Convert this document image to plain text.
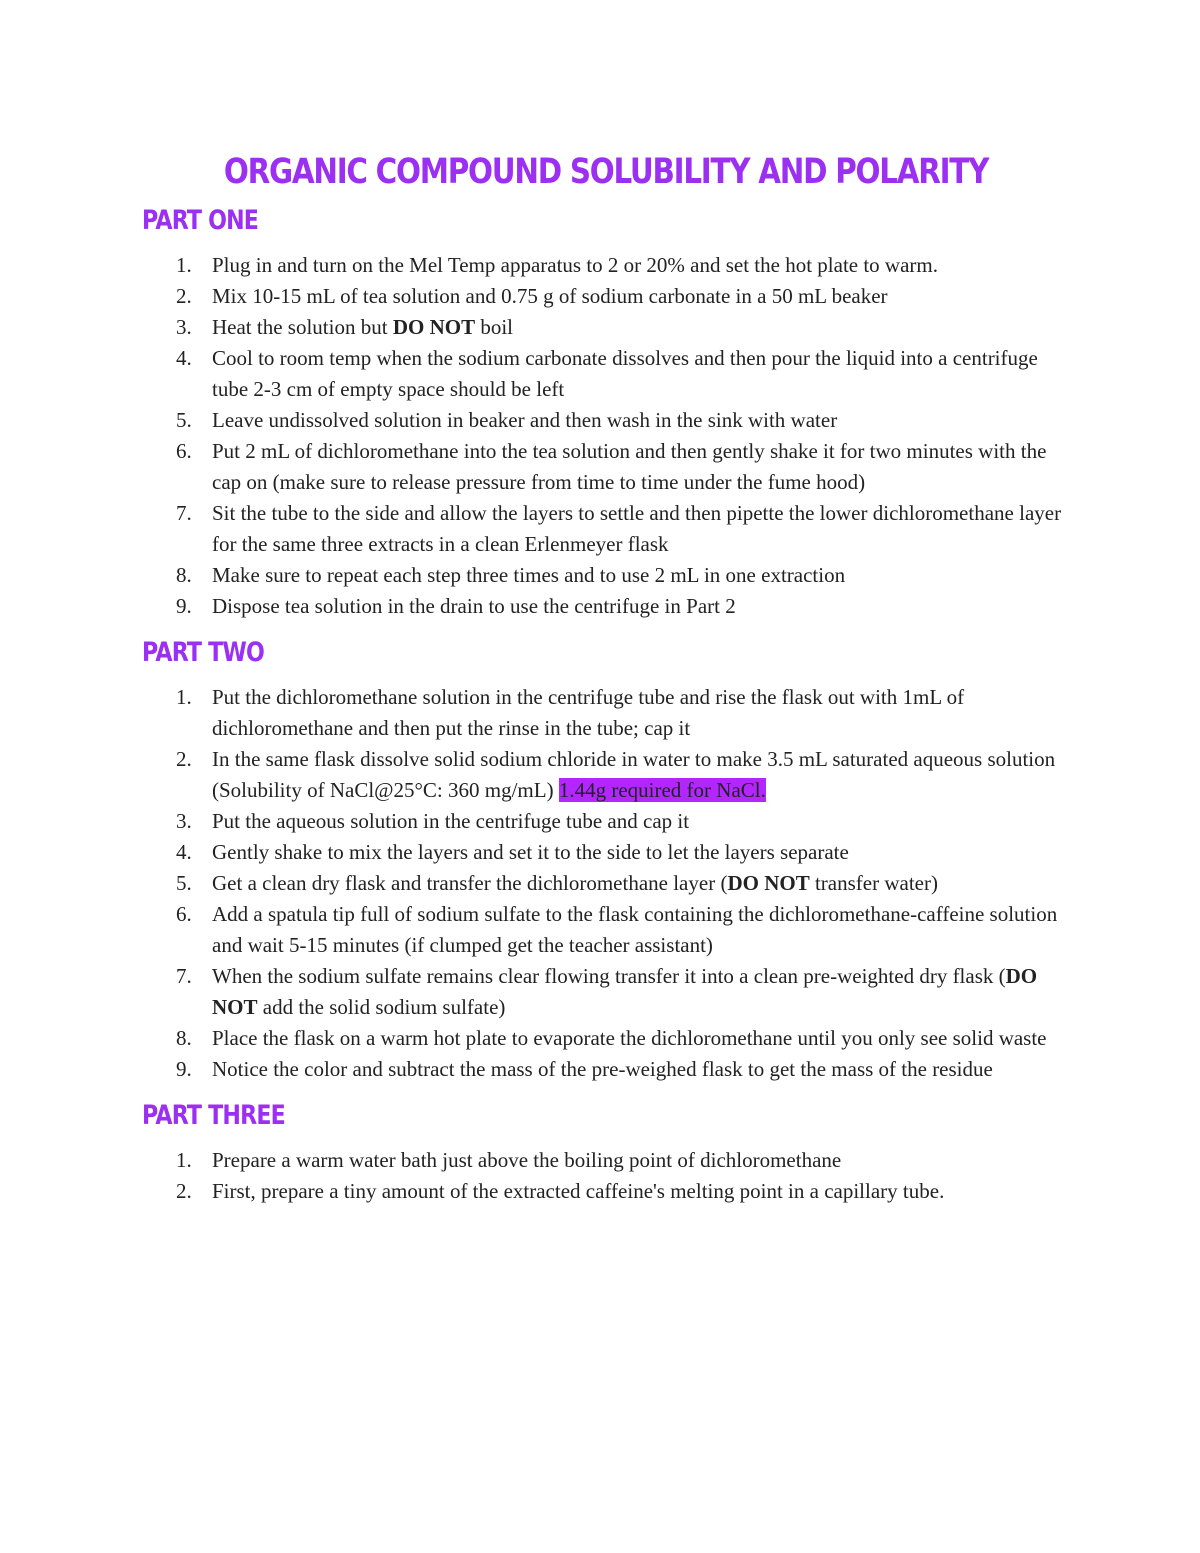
ORGANIC COMPOUND SOLUBILITY AND POLARITY
PART ONE
1. Plug in and turn on the Mel Temp apparatus to 2 or 20% and set the hot plate to warm.
2. Mix 10-15 mL of tea solution and 0.75 g of sodium carbonate in a 50 mL beaker
3. Heat the solution but DO NOT boil
4. Cool to room temp when the sodium carbonate dissolves and then pour the liquid into a centrifuge tube 2-3 cm of empty space should be left
5. Leave undissolved solution in beaker and then wash in the sink with water
6. Put 2 mL of dichloromethane into the tea solution and then gently shake it for two minutes with the cap on (make sure to release pressure from time to time under the fume hood)
7. Sit the tube to the side and allow the layers to settle and then pipette the lower dichloromethane layer for the same three extracts in a clean Erlenmeyer flask
8. Make sure to repeat each step three times and to use 2 mL in one extraction
9. Dispose tea solution in the drain to use the centrifuge in Part 2
PART TWO
1. Put the dichloromethane solution in the centrifuge tube and rise the flask out with 1mL of dichloromethane and then put the rinse in the tube; cap it
2. In the same flask dissolve solid sodium chloride in water to make 3.5 mL saturated aqueous solution (Solubility of NaCl@25°C: 360 mg/mL) 1.44g required for NaCl.
3. Put the aqueous solution in the centrifuge tube and cap it
4. Gently shake to mix the layers and set it to the side to let the layers separate
5. Get a clean dry flask and transfer the dichloromethane layer (DO NOT transfer water)
6. Add a spatula tip full of sodium sulfate to the flask containing the dichloromethane-caffeine solution and wait 5-15 minutes (if clumped get the teacher assistant)
7. When the sodium sulfate remains clear flowing transfer it into a clean pre-weighted dry flask (DO NOT add the solid sodium sulfate)
8. Place the flask on a warm hot plate to evaporate the dichloromethane until you only see solid waste
9. Notice the color and subtract the mass of the pre-weighed flask to get the mass of the residue
PART THREE
1. Prepare a warm water bath just above the boiling point of dichloromethane
2. First, prepare a tiny amount of the extracted caffeine's melting point in a capillary tube.
